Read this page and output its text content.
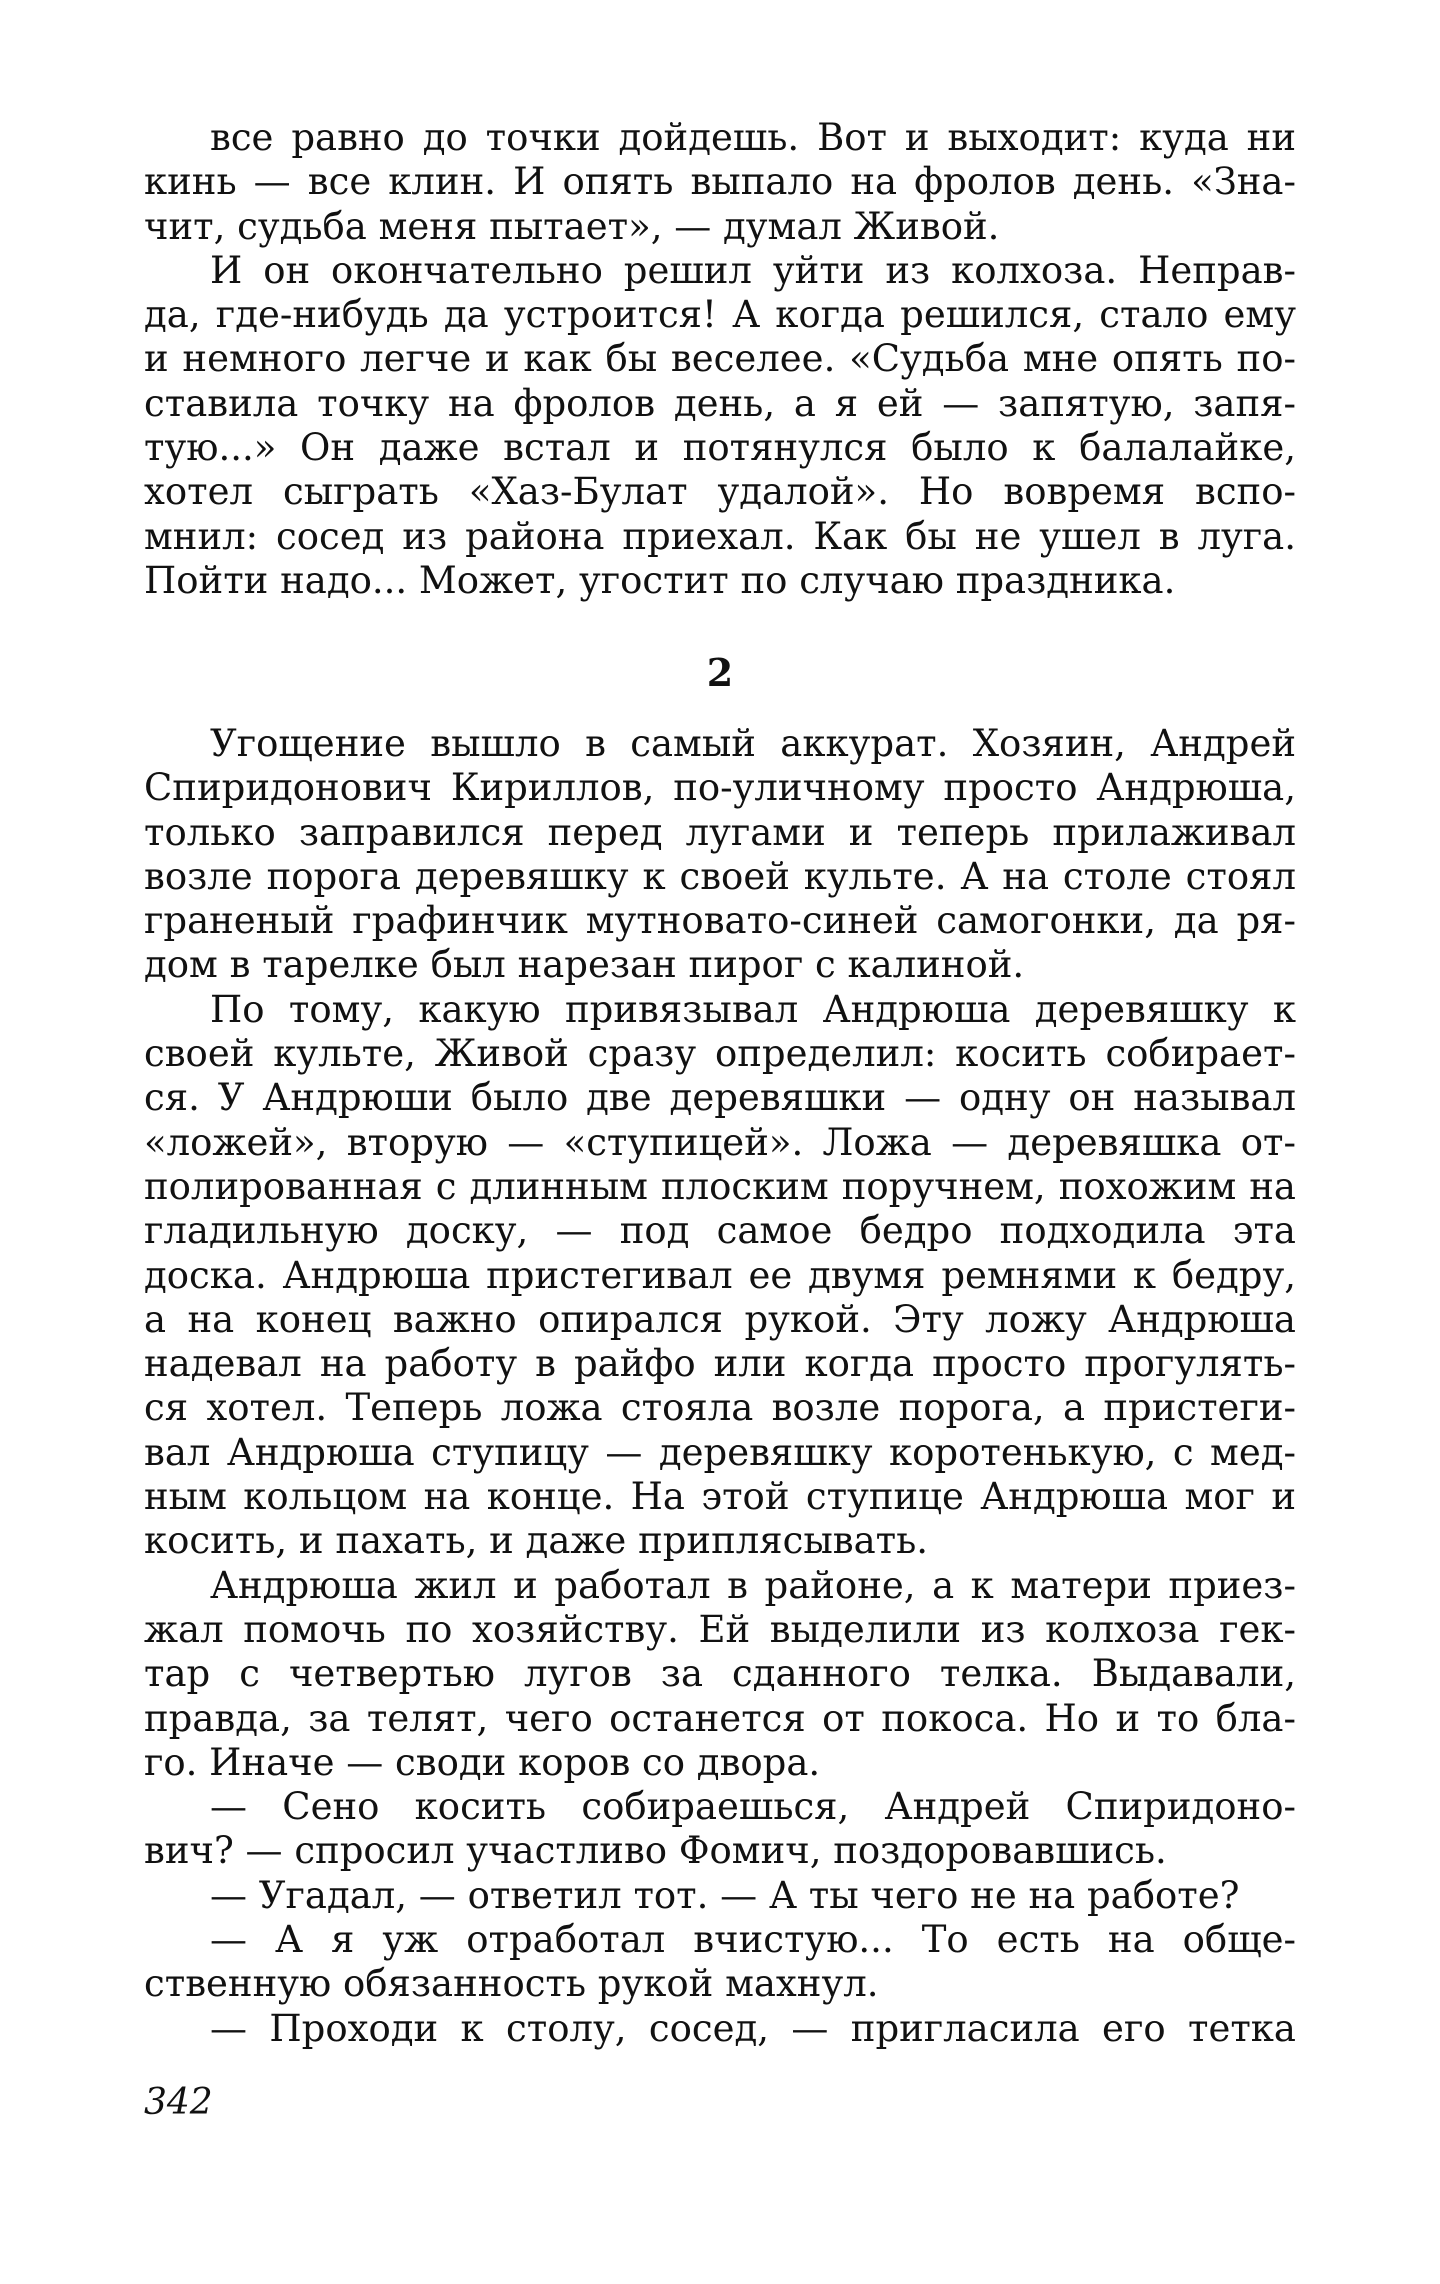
все равно до точки дойдешь. Вот и выходит: куда ни
кинь — все клин. И опять выпало на фролов день. «Зна-
чит, судьба меня пытает», — думал Живой.
И он окончательно решил уйти из колхоза. Неправ-
да, где-нибудь да устроится! А когда решился, стало ему
и немного легче и как бы веселее. «Судьба мне опять по-
ставила точку на фролов день, а я ей — запятую, запя-
тую...» Он даже встал и потянулся было к балалайке,
хотел сыграть «Хаз-Булат удалой». Но вовремя вспо-
мнил: сосед из района приехал. Как бы не ушел в луга.
Пойти надо... Может, угостит по случаю праздника.
2
Угощение вышло в самый аккурат. Хозяин, Андрей
Спиридонович Кириллов, по-уличному просто Андрюша,
только заправился перед лугами и теперь прилаживал
возле порога деревяшку к своей культе. А на столе стоял
граненый графинчик мутновато-синей самогонки, да ря-
дом в тарелке был нарезан пирог с калиной.
По тому, какую привязывал Андрюша деревяшку к
своей культе, Живой сразу определил: косить собирает-
ся. У Андрюши было две деревяшки — одну он называл
«ложей», вторую — «ступицей». Ложа — деревяшка от-
полированная с длинным плоским поручнем, похожим на
гладильную доску, — под самое бедро подходила эта
доска. Андрюша пристегивал ее двумя ремнями к бедру,
а на конец важно опирался рукой. Эту ложу Андрюша
надевал на работу в райфо или когда просто прогулять-
ся хотел. Теперь ложа стояла возле порога, а пристеги-
вал Андрюша ступицу — деревяшку коротенькую, с мед-
ным кольцом на конце. На этой ступице Андрюша мог и
косить, и пахать, и даже приплясывать.
Андрюша жил и работал в районе, а к матери приез-
жал помочь по хозяйству. Ей выделили из колхоза гек-
тар с четвертью лугов за сданного телка. Выдавали,
правда, за телят, чего останется от покоса. Но и то бла-
го. Иначе — своди коров со двора.
— Сено косить собираешься, Андрей Спиридоно-
вич? — спросил участливо Фомич, поздоровавшись.
— Угадал, — ответил тот. — А ты чего не на работе?
— А я уж отработал вчистую... То есть на обще-
ственную обязанность рукой махнул.
— Проходи к столу, сосед, — пригласила его тетка
342
